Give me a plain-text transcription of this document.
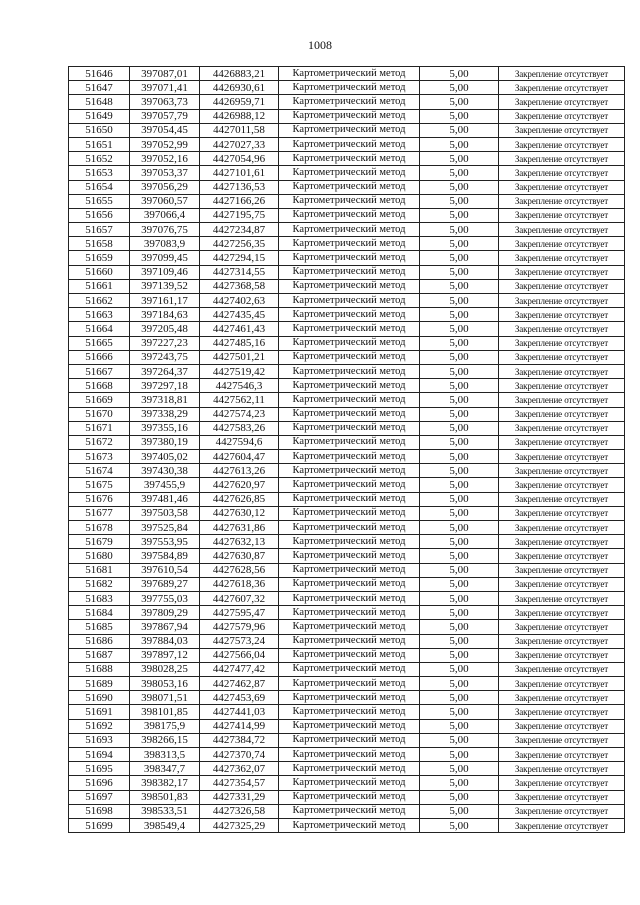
1008
51646	397087,01	4426883,21	Картометрический метод	5,00	Закрепление отсутствует
51647	397071,41	4426930,61	Картометрический метод	5,00	Закрепление отсутствует
51648	397063,73	4426959,71	Картометрический метод	5,00	Закрепление отсутствует
51649	397057,79	4426988,12	Картометрический метод	5,00	Закрепление отсутствует
51650	397054,45	4427011,58	Картометрический метод	5,00	Закрепление отсутствует
51651	397052,99	4427027,33	Картометрический метод	5,00	Закрепление отсутствует
51652	397052,16	4427054,96	Картометрический метод	5,00	Закрепление отсутствует
51653	397053,37	4427101,61	Картометрический метод	5,00	Закрепление отсутствует
51654	397056,29	4427136,53	Картометрический метод	5,00	Закрепление отсутствует
51655	397060,57	4427166,26	Картометрический метод	5,00	Закрепление отсутствует
51656	397066,4	4427195,75	Картометрический метод	5,00	Закрепление отсутствует
51657	397076,75	4427234,87	Картометрический метод	5,00	Закрепление отсутствует
51658	397083,9	4427256,35	Картометрический метод	5,00	Закрепление отсутствует
51659	397099,45	4427294,15	Картометрический метод	5,00	Закрепление отсутствует
51660	397109,46	4427314,55	Картометрический метод	5,00	Закрепление отсутствует
51661	397139,52	4427368,58	Картометрический метод	5,00	Закрепление отсутствует
51662	397161,17	4427402,63	Картометрический метод	5,00	Закрепление отсутствует
51663	397184,63	4427435,45	Картометрический метод	5,00	Закрепление отсутствует
51664	397205,48	4427461,43	Картометрический метод	5,00	Закрепление отсутствует
51665	397227,23	4427485,16	Картометрический метод	5,00	Закрепление отсутствует
51666	397243,75	4427501,21	Картометрический метод	5,00	Закрепление отсутствует
51667	397264,37	4427519,42	Картометрический метод	5,00	Закрепление отсутствует
51668	397297,18	4427546,3	Картометрический метод	5,00	Закрепление отсутствует
51669	397318,81	4427562,11	Картометрический метод	5,00	Закрепление отсутствует
51670	397338,29	4427574,23	Картометрический метод	5,00	Закрепление отсутствует
51671	397355,16	4427583,26	Картометрический метод	5,00	Закрепление отсутствует
51672	397380,19	4427594,6	Картометрический метод	5,00	Закрепление отсутствует
51673	397405,02	4427604,47	Картометрический метод	5,00	Закрепление отсутствует
51674	397430,38	4427613,26	Картометрический метод	5,00	Закрепление отсутствует
51675	397455,9	4427620,97	Картометрический метод	5,00	Закрепление отсутствует
51676	397481,46	4427626,85	Картометрический метод	5,00	Закрепление отсутствует
51677	397503,58	4427630,12	Картометрический метод	5,00	Закрепление отсутствует
51678	397525,84	4427631,86	Картометрический метод	5,00	Закрепление отсутствует
51679	397553,95	4427632,13	Картометрический метод	5,00	Закрепление отсутствует
51680	397584,89	4427630,87	Картометрический метод	5,00	Закрепление отсутствует
51681	397610,54	4427628,56	Картометрический метод	5,00	Закрепление отсутствует
51682	397689,27	4427618,36	Картометрический метод	5,00	Закрепление отсутствует
51683	397755,03	4427607,32	Картометрический метод	5,00	Закрепление отсутствует
51684	397809,29	4427595,47	Картометрический метод	5,00	Закрепление отсутствует
51685	397867,94	4427579,96	Картометрический метод	5,00	Закрепление отсутствует
51686	397884,03	4427573,24	Картометрический метод	5,00	Закрепление отсутствует
51687	397897,12	4427566,04	Картометрический метод	5,00	Закрепление отсутствует
51688	398028,25	4427477,42	Картометрический метод	5,00	Закрепление отсутствует
51689	398053,16	4427462,87	Картометрический метод	5,00	Закрепление отсутствует
51690	398071,51	4427453,69	Картометрический метод	5,00	Закрепление отсутствует
51691	398101,85	4427441,03	Картометрический метод	5,00	Закрепление отсутствует
51692	398175,9	4427414,99	Картометрический метод	5,00	Закрепление отсутствует
51693	398266,15	4427384,72	Картометрический метод	5,00	Закрепление отсутствует
51694	398313,5	4427370,74	Картометрический метод	5,00	Закрепление отсутствует
51695	398347,7	4427362,07	Картометрический метод	5,00	Закрепление отсутствует
51696	398382,17	4427354,57	Картометрический метод	5,00	Закрепление отсутствует
51697	398501,83	4427331,29	Картометрический метод	5,00	Закрепление отсутствует
51698	398533,51	4427326,58	Картометрический метод	5,00	Закрепление отсутствует
51699	398549,4	4427325,29	Картометрический метод	5,00	Закрепление отсутствует
